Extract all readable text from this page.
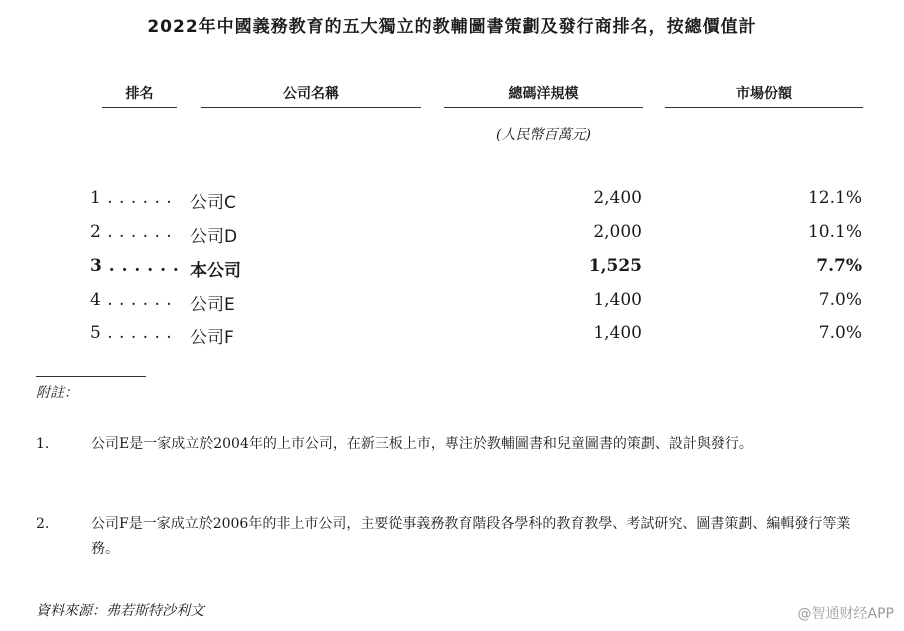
2022年中國義務教育的五大獨立的教輔圖書策劃及發行商排名，按總價值計
排名	公司名稱	總碼洋規模	市場份額
(人民幣百萬元)
1 . . . . . . 公司C	2,400	12.1%
2 . . . . . . 公司D	2,000	10.1%
3 . . . . . . 本公司	1,525	7.7%
4 . . . . . . 公司E	1,400	7.0%
5 . . . . . . 公司F	1,400	7.0%
附註：
1.	公司E是一家成立於2004年的上市公司，在新三板上市，專注於教輔圖書和兒童圖書的策劃、設計與發行。
2.	公司F是一家成立於2006年的非上市公司，主要從事義務教育階段各學科的教育教學、考試研究、圖書策劃、編輯發行等業務。
資料來源：弗若斯特沙利文	@智通财经APP
